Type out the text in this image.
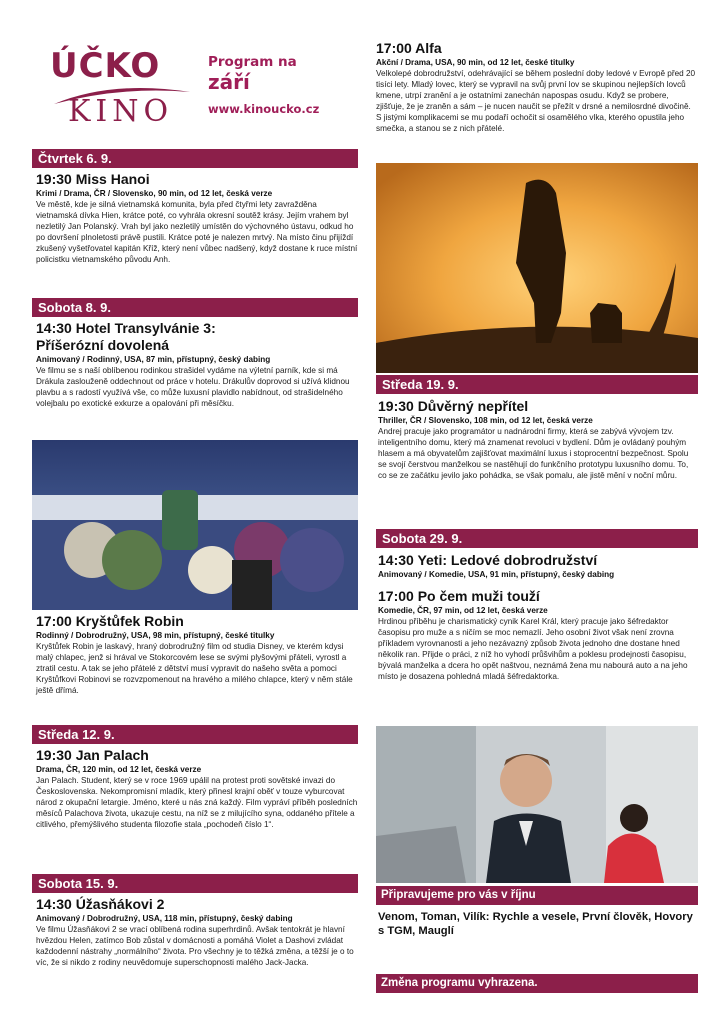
ÚČKO
KINO
Program na
září
www.kinoucko.cz
Čtvrtek 6. 9.
19:30 Miss Hanoi
Krimi / Drama, ČR / Slovensko, 90 min, od 12 let, česká verze
Ve městě, kde je silná vietnamská komunita, byla před čtyřmi lety zavražděna vietnamská dívka Hien, krátce poté, co vyhrála okresní soutěž krásy. Jejím vrahem byl nezletilý Jan Polanský. Vrah byl jako nezletilý umístěn do výchovného ústavu, odkud ho po dovršení plnoletosti právě pustili. Krátce poté je nalezen mrtvý. Na místo činu přijíždí zkušený vyšetřovatel kapitán Kříž, který není vůbec nadšený, když dostane k ruce místní policistku vietnamského původu Anh.
Sobota 8. 9.
14:30 Hotel Transylvánie 3:
Příšerózní dovolená
Animovaný / Rodinný, USA, 87 min, přístupný, český dabing
Ve filmu se s naší oblíbenou rodinkou strašidel vydáme na výletní parník, kde si má Drákula zaslouženě oddechnout od práce v hotelu. Drákulův doprovod si užívá klidnou plavbu a s radostí využívá vše, co může luxusní plavidlo nabídnout, od strašidelného volejbalu po exotické exkurze a opalování při měsíčku.
17:00 Kryštůfek Robin
Rodinný / Dobrodružný, USA, 98 min, přístupný, české titulky
Kryštůfek Robin je laskavý, hraný dobrodružný film od studia Disney, ve kterém kdysi malý chlapec, jenž si hrával ve Stokorcovém lese se svými plyšovými přáteli, vyrostl a ztratil cestu. A tak se jeho přátelé z dětství musí vypravit do našeho světa a pomoci Kryštůfkovi Robinovi se rozvzpomenout na hravého a milého chlapce, který v něm stále ještě dřímá.
Středa 12. 9.
19:30 Jan Palach
Drama, ČR, 120 min, od 12 let, česká verze
Jan Palach. Student, který se v roce 1969 upálil na protest proti sovětské invazi do Československa. Nekompromisní mladík, který přinesl krajní oběť v touze vyburcovat národ z okupační letargie. Jméno, které u nás zná každý. Film vypráví příběh posledních měsíců Palachova života, ukazuje cestu, na níž se z milujícího syna, oddaného přítele a citlivého, přemýšlivého studenta filozofie stala „pochodeň číslo 1“.
Sobota 15. 9.
14:30 Úžasňákovi 2
Animovaný / Dobrodružný, USA, 118 min, přístupný, český dabing
Ve filmu Úžasňákovi 2 se vrací oblíbená rodina superhrdinů. Avšak tentokrát je hlavní hvězdou Helen, zatímco Bob zůstal v domácnosti a pomáhá Violet a Dashovi zvládat každodenní nástrahy „normálního“ života. Pro všechny je to těžká změna, a těžší je o to víc, že si nikdo z rodiny neuvědomuje superschopnosti malého Jack-Jacka.
17:00 Alfa
Akční / Drama, USA, 90 min, od 12 let, české titulky
Velkolepé dobrodružství, odehrávající se během poslední doby ledové v Evropě před 20 tisíci lety. Mladý lovec, který se vypravil na svůj první lov se skupinou nejlepších lovců kmene, utrpí zranění a je ostatními zanechán napospas osudu. Když se probere, zjišťuje, že je zraněn a sám – je nucen naučit se přežít v drsné a nemilosrdné divočině. S jistými komplikacemi se mu podaří ochočit si osamělého vlka, kterého opustila jeho smečka, a stanou se z nich přátelé.
Středa 19. 9.
19:30 Důvěrný nepřítel
Thriller, ČR / Slovensko, 108 min, od 12 let, česká verze
Andrej pracuje jako programátor u nadnárodní firmy, která se zabývá vývojem tzv. inteligentního domu, který má znamenat revoluci v bydlení. Dům je ovládaný pouhým hlasem a má obyvatelům zajišťovat maximální luxus i stoprocentní bezpečnost. Spolu se svojí čerstvou manželkou se nastěhují do funkčního prototypu luxusního domu. To, co se ze začátku jevilo jako pohádka, se však pomalu, ale jistě mění v noční můru.
Sobota 29. 9.
14:30 Yeti: Ledové dobrodružství
Animovaný / Komedie, USA, 91 min, přístupný, český dabing
17:00 Po čem muži touží
Komedie, ČR, 97 min, od 12 let, česká verze
Hrdinou příběhu je charismatický cynik Karel Král, který pracuje jako šéfredaktor časopisu pro muže a s ničím se moc nemazlí. Jeho osobní život však není zrovna příkladem vyrovnanosti a jeho nezávazný způsob života jednoho dne dostane hned několik ran. Přijde o práci, z níž ho vyhodí průšvihům a poklesu prodejnosti časopisu, bývalá manželka a dcera ho opět naštvou, neznámá žena mu nabourá auto a na jeho místo je dosazena pohledná mladá šéfredaktorka.
Připravujeme pro vás v říjnu
Venom, Toman, Vilík: Rychle a vesele, První člověk, Hovory s TGM, Mauglí
Změna programu vyhrazena.
